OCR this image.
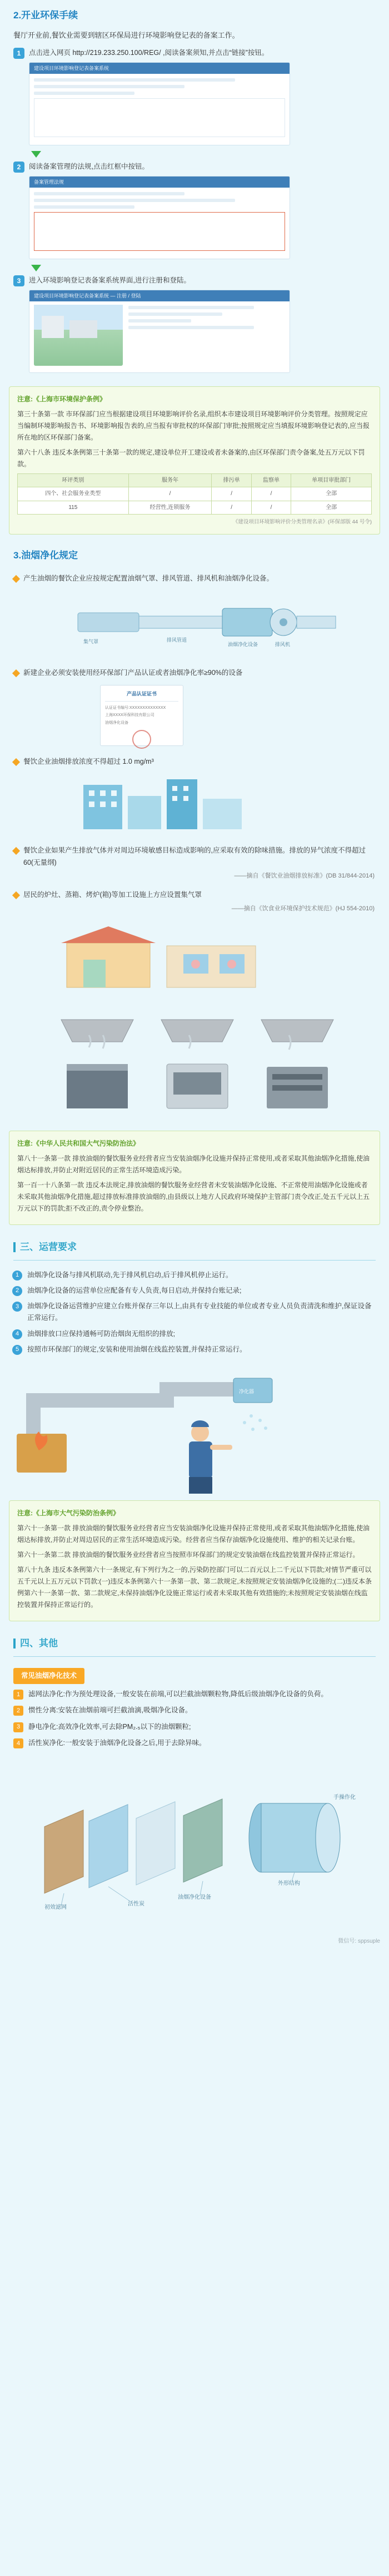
2.开业环保手续
餐厅开业前,餐饮业需要到辖区环保局进行环境影响登记表的备案工作。
1	点击进入网页 http://219.233.250.100/REG/ ,阅读备案须知,并点击“链接”按钮。
建设项目环境影响登记表备案系统
2	阅读备案管理的法规,点击红框中按钮。
备案管理法规
3	进入环境影响登记表备案系统界面,进行注册和登陆。
建设项目环境影响登记表备案系统 — 注册 / 登陆
注意:《上海市环境保护条例》

第三十条第一款 市环保部门应当根据建设项目环境影响评价名录,组织本市建设项目环境影响评价分类管理。按照规定应当编制环境影响报告书、环境影响报告表的,应当报有审批权的环保部门审批;按照规定应当填报环境影响登记表的,应当报所在地的区环保部门备案。

第六十八条 违反本条例第三十条第一款的规定,建设单位开工建设或者未备案的,由区环保部门责令备案,处五万元以下罚款。

环评类别	服务年	排污单	监察单	单项目审批部门
四个、社会服务业类型	/	/	/	全部
115	经营性,连锁服务	/	/	全部
《建设项目环境影响评价分类管理名录》(环保部版 44 号令)
3.油烟净化规定
产生油烟的餐饮企业应按规定配置油烟气罩、排风管道、排风机和油烟净化设备。
集气罩	排风管道
油烟净化设备	排风机
新建企业必须安装使用经环保部门产品认证或者油烟净化率≥90%的设备
产品认证证书
认证证书编号:XXXXXXXXXXXXXX
上海XXXX环保科技有限公司
油烟净化设备
餐饮企业油烟排放浓度不得超过 1.0 mg/m³
餐饮企业如果产生排放气体并对周边环境敏感目标造成影响的,应采取有效的除味措施。排放的异气浓度不得超过 60(无量纲)
——摘自《餐饮业油烟排放标准》(DB 31/844-2014)
居民的炉灶、蒸箱、烤炉(箱)等加工设施上方应设置集气罩
——摘自《饮食业环境保护技术规范》(HJ 554-2010)
注意:《中华人民共和国大气污染防治法》

第八十一条第一款 排放油烟的餐饮服务业经营者应当安装油烟净化设施并保持正常使用,或者采取其他油烟净化措施,使油烟达标排放,并防止对附近居民的正常生活环境造成污染。

第一百一十八条第一款 违反本法规定,排放油烟的餐饮服务业经营者未安装油烟净化设施、不正常使用油烟净化设施或者未采取其他油烟净化措施,超过排放标准排放油烟的,由县级以上地方人民政府环境保护主管部门责令改正,处五千元以上五万元以下的罚款;拒不改正的,责令停业整治。

三、运营要求
1	油烟净化设备与排风机联动,先于排风机启动,后于排风机停止运行。
2	油烟净化设备的运营单位应配备有专人负责,每日启动,并保持台账记录;
3	油烟净化设备运营维护应建立台账并保存三年以上,由具有专业技能的单位或者专业人员负责清洗和维护,保证设备正常运行。
4	油烟排放口应保持通畅可防治烟囱无组织的排放;
5	按照市环保部门的规定,安装和使用油烟在线监控装置,并保持正常运行。
净化器
注意:《上海市大气污染防治条例》

第六十一条第一款 排放油烟的餐饮服务业经营者应当安装油烟净化设施并保持正常使用,或者采取其他油烟净化措施,使油烟达标排放,并防止对周边居民的正常生活环境造成污染。经营者应当保存油烟净化设施使用、维护的相关记录台账。

第六十一条第二款 排放油烟的餐饮服务业经营者应当按照市环保部门的规定安装油烟在线监控装置并保持正常运行。

第八十九条 违反本条例第六十一条规定,有下列行为之一的,污染防控部门可以二百元以上二千元以下罚款;对情节严重可以五千元以上五万元以下罚款:(一)违反本条例第六十一条第一款、第二款规定,未按照规定安装油烟净化设施的;(二)违反本条例第六十一条第一款、第二款规定,未保持油烟净化设施正常运行或者未采取其他有效措施的;未按照规定安装油烟在线监控装置并保持正常运行的。

四、其他
常见油烟净化技术
1	滤网法净化:作为预处理设备,一般安装在前端,可以拦截油烟颗粒物,降低后级油烟净化设备的负荷。
2	惯性分离:安装在油烟前端可拦截油滴,吸烟净化设备。
3	静电净化:高效净化效率,可去除PM₂.₅以下的油烟颗粒;
4	活性炭净化:一般安装于油烟净化设备之后,用于去除异味。
手操作化
外形结构
油烟净化设备
活性炭
初效滤网
微信号: sppsuple
